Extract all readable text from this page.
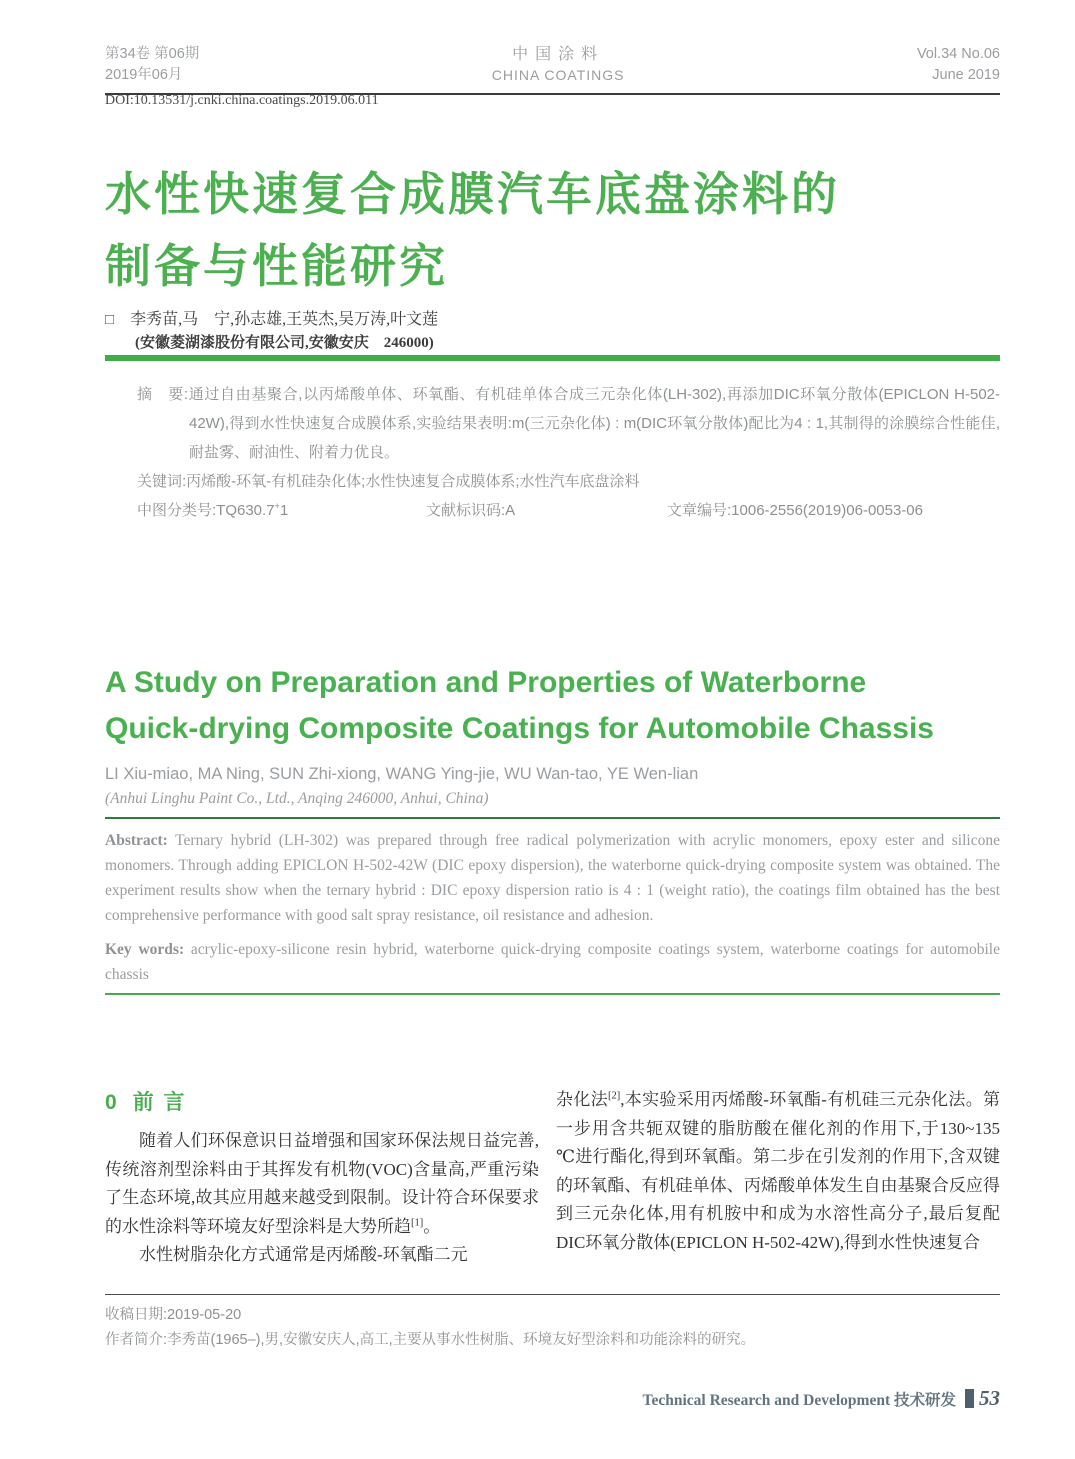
第34卷 第06期
2019年06月
中国涂料
CHINA COATINGS
Vol.34 No.06
June 2019
DOI:10.13531/j.cnki.china.coatings.2019.06.011
水性快速复合成膜汽车底盘涂料的
制备与性能研究
□ 李秀苗,马　宁,孙志雄,王英杰,吴万涛,叶文莲
(安徽菱湖漆股份有限公司,安徽安庆　246000)

摘　要:通过自由基聚合,以丙烯酸单体、环氧酯、有机硅单体合成三元杂化体(LH-302),再添加DIC环氧分散体(EPICLON H-502-42W),得到水性快速复合成膜体系,实验结果表明:m(三元杂化体) : m(DIC环氧分散体)配比为4 : 1,其制得的涂膜综合性能佳,耐盐雾、耐油性、附着力优良。

关键词:丙烯酸-环氧-有机硅杂化体;水性快速复合成膜体系;水性汽车底盘涂料

中图分类号:TQ630.7+1	文献标识码:A	文章编号:1006-2556(2019)06-0053-06
A Study on Preparation and Properties of Waterborne
Quick-drying Composite Coatings for Automobile Chassis
LI Xiu-miao, MA Ning, SUN Zhi-xiong, WANG Ying-jie, WU Wan-tao, YE Wen-lian
(Anhui Linghu Paint Co., Ltd., Anqing 246000, Anhui, China)

Abstract: Ternary hybrid (LH-302) was prepared through free radical polymerization with acrylic monomers, epoxy ester and silicone monomers. Through adding EPICLON H-502-42W (DIC epoxy dispersion), the waterborne quick-drying composite system was obtained. The experiment results show when the ternary hybrid : DIC epoxy dispersion ratio is 4 : 1 (weight ratio), the coatings film obtained has the best comprehensive performance with good salt spray resistance, oil resistance and adhesion.

Key words: acrylic-epoxy-silicone resin hybrid, waterborne quick-drying composite coatings system, waterborne coatings for automobile chassis

0 前 言

随着人们环保意识日益增强和国家环保法规日益完善,传统溶剂型涂料由于其挥发有机物(VOC)含量高,严重污染了生态环境,故其应用越来越受到限制。设计符合环保要求的水性涂料等环境友好型涂料是大势所趋[1]。

水性树脂杂化方式通常是丙烯酸-环氧酯二元

杂化法[2],本实验采用丙烯酸-环氧酯-有机硅三元杂化法。第一步用含共轭双键的脂肪酸在催化剂的作用下,于130~135 ℃进行酯化,得到环氧酯。第二步在引发剂的作用下,含双键的环氧酯、有机硅单体、丙烯酸单体发生自由基聚合反应得到三元杂化体,用有机胺中和成为水溶性高分子,最后复配DIC环氧分散体(EPICLON H-502-42W),得到水性快速复合

收稿日期:2019-05-20
作者简介:李秀苗(1965–),男,安徽安庆人,高工,主要从事水性树脂、环境友好型涂料和功能涂料的研究。
Technical Research and Development 技术研发 53
